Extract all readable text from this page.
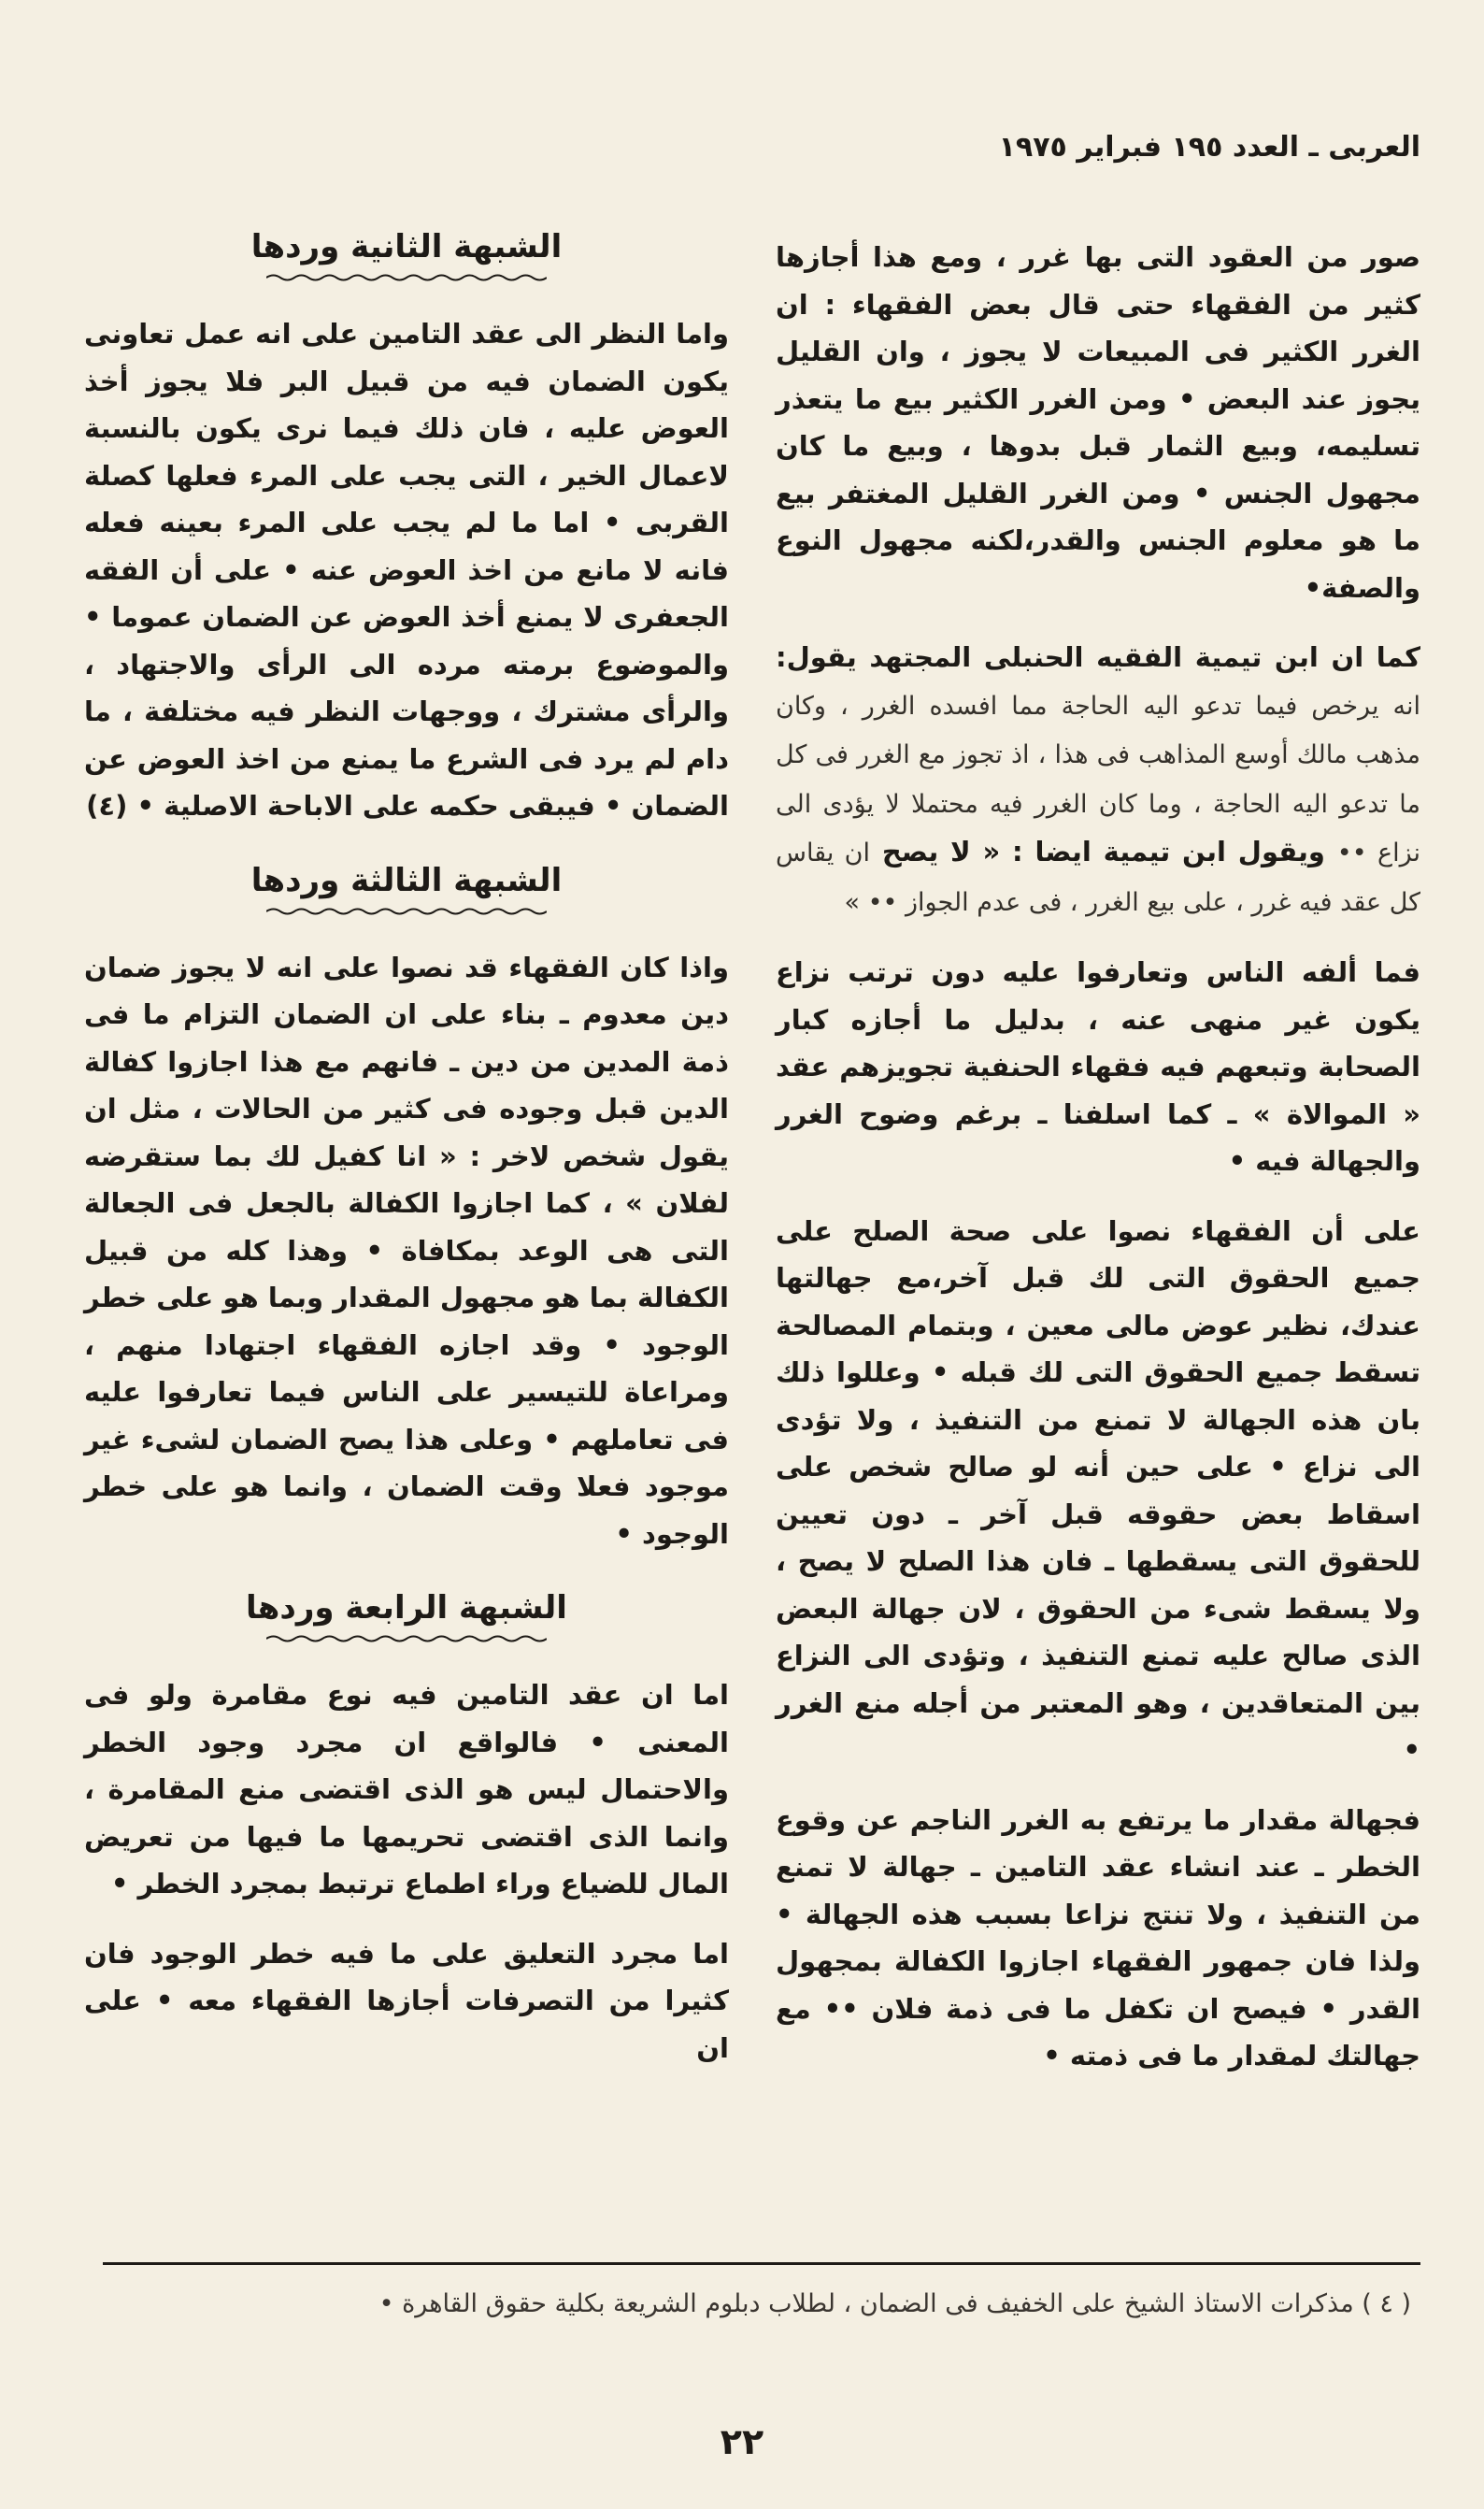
العربى ـ العدد ١٩٥ فبراير ١٩٧٥

صور من العقود التى بها غرر ، ومع هذا أجازها كثير من الفقهاء حتى قال بعض الفقهاء : ان الغرر الكثير فى المبيعات لا يجوز ، وان القليل يجوز عند البعض • ومن الغرر الكثير بيع ما يتعذر تسليمه، وبيع الثمار قبل بدوها ، وبيع ما كان مجهول الجنس • ومن الغرر القليل المغتفر بيع ما هو معلوم الجنس والقدر،لكنه مجهول النوع والصفة•

كما ان ابن تيمية الفقيه الحنبلى المجتهد يقول: انه يرخص فيما تدعو اليه الحاجة مما افسده الغرر ، وكان مذهب مالك أوسع المذاهب فى هذا ، اذ تجوز مع الغرر فى كل ما تدعو اليه الحاجة ، وما كان الغرر فيه محتملا لا يؤدى الى نزاع •• ويقول ابن تيمية ايضا : « لا يصح ان يقاس كل عقد فيه غرر ، على بيع الغرر ، فى عدم الجواز •• »

فما ألفه الناس وتعارفوا عليه دون ترتب نزاع يكون غير منهى عنه ، بدليل ما أجازه كبار الصحابة وتبعهم فيه فقهاء الحنفية تجويزهم عقد « الموالاة » ـ كما اسلفنا ـ برغم وضوح الغرر والجهالة فيه •

على أن الفقهاء نصوا على صحة الصلح على جميع الحقوق التى لك قبل آخر،مع جهالتها عندك، نظير عوض مالى معين ، وبتمام المصالحة تسقط جميع الحقوق التى لك قبله • وعللوا ذلك بان هذه الجهالة لا تمنع من التنفيذ ، ولا تؤدى الى نزاع • على حين أنه لو صالح شخص على اسقاط بعض حقوقه قبل آخر ـ دون تعيين للحقوق التى يسقطها ـ فان هذا الصلح لا يصح ، ولا يسقط شىء من الحقوق ، لان جهالة البعض الذى صالح عليه تمنع التنفيذ ، وتؤدى الى النزاع بين المتعاقدين ، وهو المعتبر من أجله منع الغرر •

فجهالة مقدار ما يرتفع به الغرر الناجم عن وقوع الخطر ـ عند انشاء عقد التامين ـ جهالة لا تمنع من التنفيذ ، ولا تنتج نزاعا بسبب هذه الجهالة • ولذا فان جمهور الفقهاء اجازوا الكفالة بمجهول القدر • فيصح ان تكفل ما فى ذمة فلان •• مع جهالتك لمقدار ما فى ذمته •

الشبهة الثانية وردها

واما النظر الى عقد التامين على انه عمل تعاونى يكون الضمان فيه من قبيل البر فلا يجوز أخذ العوض عليه ، فان ذلك فيما نرى يكون بالنسبة لاعمال الخير ، التى يجب على المرء فعلها كصلة القربى • اما ما لم يجب على المرء بعينه فعله فانه لا مانع من اخذ العوض عنه • على أن الفقه الجعفرى لا يمنع أخذ العوض عن الضمان عموما • والموضوع برمته مرده الى الرأى والاجتهاد ، والرأى مشترك ، ووجهات النظر فيه مختلفة ، ما دام لم يرد فى الشرع ما يمنع من اخذ العوض عن الضمان • فيبقى حكمه على الاباحة الاصلية • (٤)

الشبهة الثالثة وردها

واذا كان الفقهاء قد نصوا على انه لا يجوز ضمان دين معدوم ـ بناء على ان الضمان التزام ما فى ذمة المدين من دين ـ فانهم مع هذا اجازوا كفالة الدين قبل وجوده فى كثير من الحالات ، مثل ان يقول شخص لاخر : « انا كفيل لك بما ستقرضه لفلان » ، كما اجازوا الكفالة بالجعل فى الجعالة التى هى الوعد بمكافاة • وهذا كله من قبيل الكفالة بما هو مجهول المقدار وبما هو على خطر الوجود • وقد اجازه الفقهاء اجتهادا منهم ، ومراعاة للتيسير على الناس فيما تعارفوا عليه فى تعاملهم • وعلى هذا يصح الضمان لشىء غير موجود فعلا وقت الضمان ، وانما هو على خطر الوجود •

الشبهة الرابعة وردها

اما ان عقد التامين فيه نوع مقامرة ولو فى المعنى • فالواقع ان مجرد وجود الخطر والاحتمال ليس هو الذى اقتضى منع المقامرة ، وانما الذى اقتضى تحريمها ما فيها من تعريض المال للضياع وراء اطماع ترتبط بمجرد الخطر •

اما مجرد التعليق على ما فيه خطر الوجود فان كثيرا من التصرفات أجازها الفقهاء معه • على ان

( ٤ ) مذكرات الاستاذ الشيخ على الخفيف فى الضمان ، لطلاب دبلوم الشريعة بكلية حقوق القاهرة •

٢٢
